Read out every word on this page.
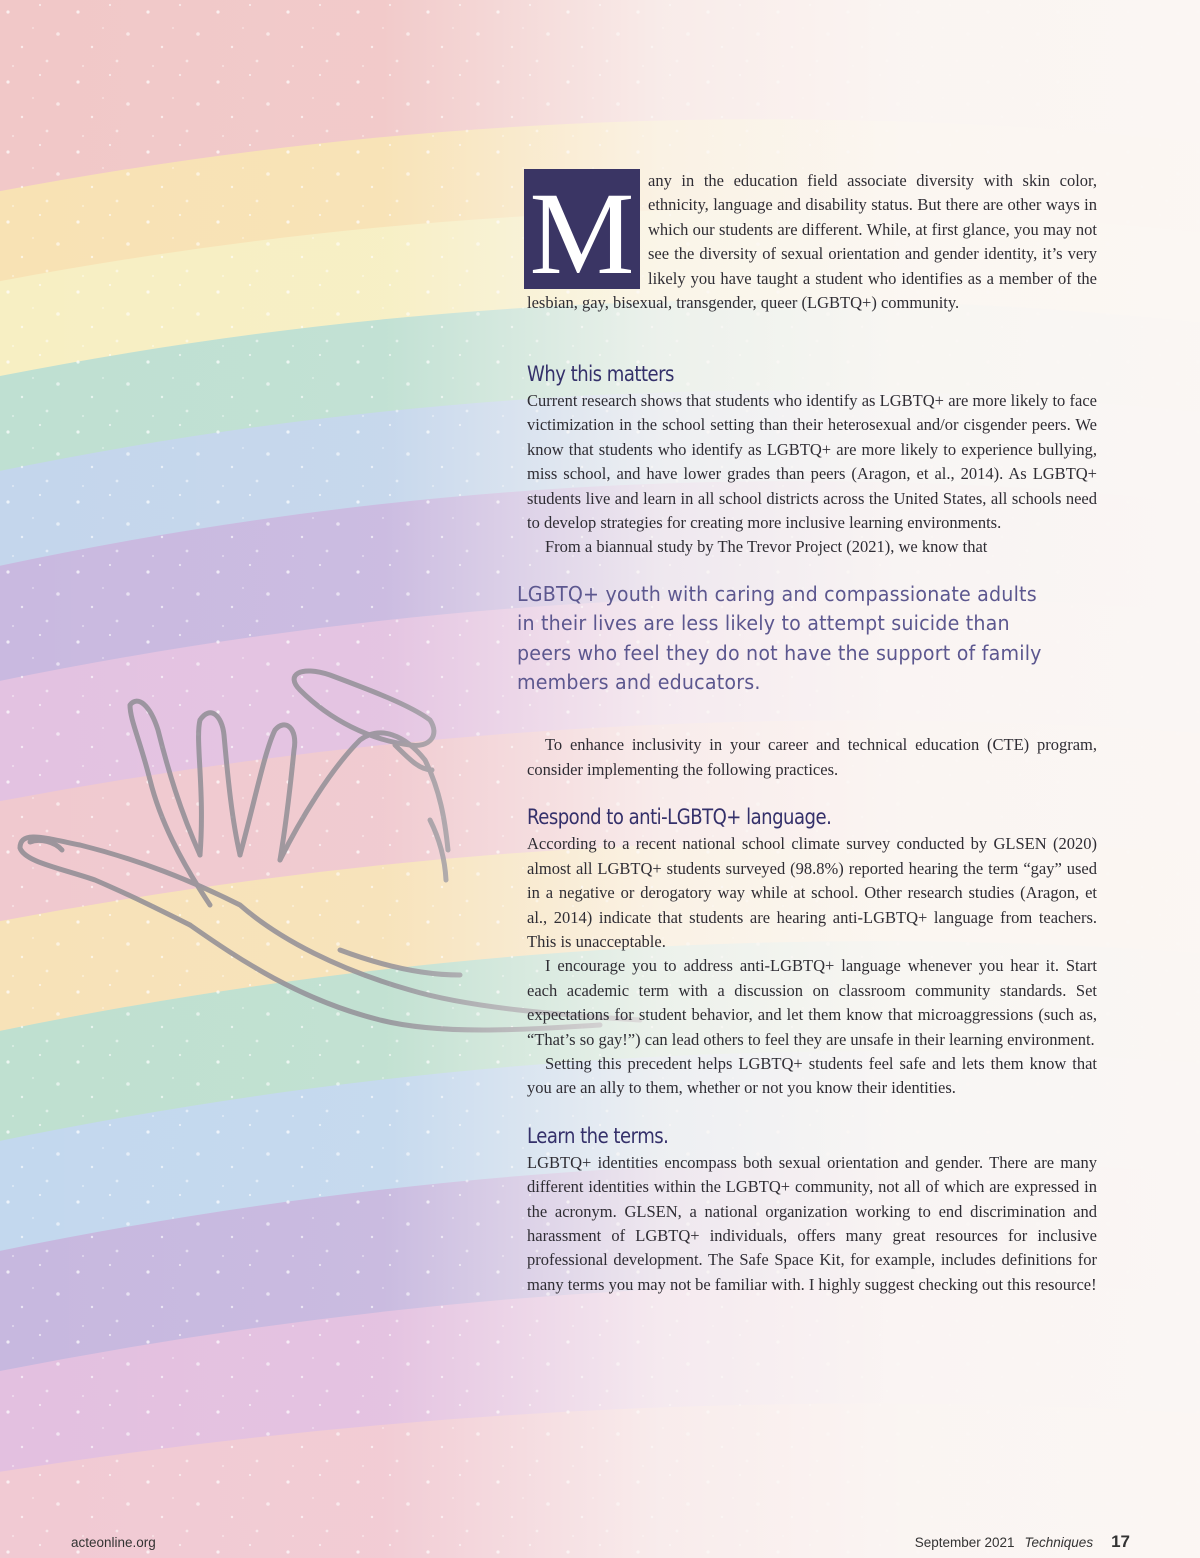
M any in the education field associate diversity with skin color, ethnicity, language and disability status. But there are other ways in which our students are different. While, at first glance, you may not see the diversity of sexual orientation and gender identity, it’s very likely you have taught a student who identifies as a member of the lesbian, gay, bisexual, transgender, queer (LGBTQ+) community.

Why this matters

Current research shows that students who identify as LGBTQ+ are more likely to face victimization in the school setting than their heterosexual and/or cisgender peers. We know that students who identify as LGBTQ+ are more likely to experience bullying, miss school, and have lower grades than peers (Aragon, et al., 2014). As LGBTQ+ students live and learn in all school districts across the United States, all schools need to develop strategies for creating more inclusive learning environments.

From a biannual study by The Trevor Project (2021), we know that

LGBTQ+ youth with caring and compassionate adults in their lives are less likely to attempt suicide than peers who feel they do not have the support of family members and educators.

To enhance inclusivity in your career and technical education (CTE) program, consider implementing the following practices.

Respond to anti-LGBTQ+ language.

According to a recent national school climate survey conducted by GLSEN (2020) almost all LGBTQ+ students surveyed (98.8%) reported hearing the term “gay” used in a negative or derogatory way while at school. Other research studies (Aragon, et al., 2014) indicate that students are hearing anti-LGBTQ+ language from teachers. This is unacceptable.

I encourage you to address anti-LGBTQ+ language whenever you hear it. Start each academic term with a discussion on classroom community standards. Set expectations for student behavior, and let them know that microaggressions (such as, “That’s so gay!”) can lead others to feel they are unsafe in their learning environment.

Setting this precedent helps LGBTQ+ students feel safe and lets them know that you are an ally to them, whether or not you know their identities.

Learn the terms.

LGBTQ+ identities encompass both sexual orientation and gender. There are many different identities within the LGBTQ+ community, not all of which are expressed in the acronym. GLSEN, a national organization working to end discrimination and harassment of LGBTQ+ individuals, offers many great resources for inclusive professional development. The Safe Space Kit, for example, includes definitions for many terms you may not be familiar with. I highly suggest checking out this resource!

acteonline.org	September 2021 Techniques 17
